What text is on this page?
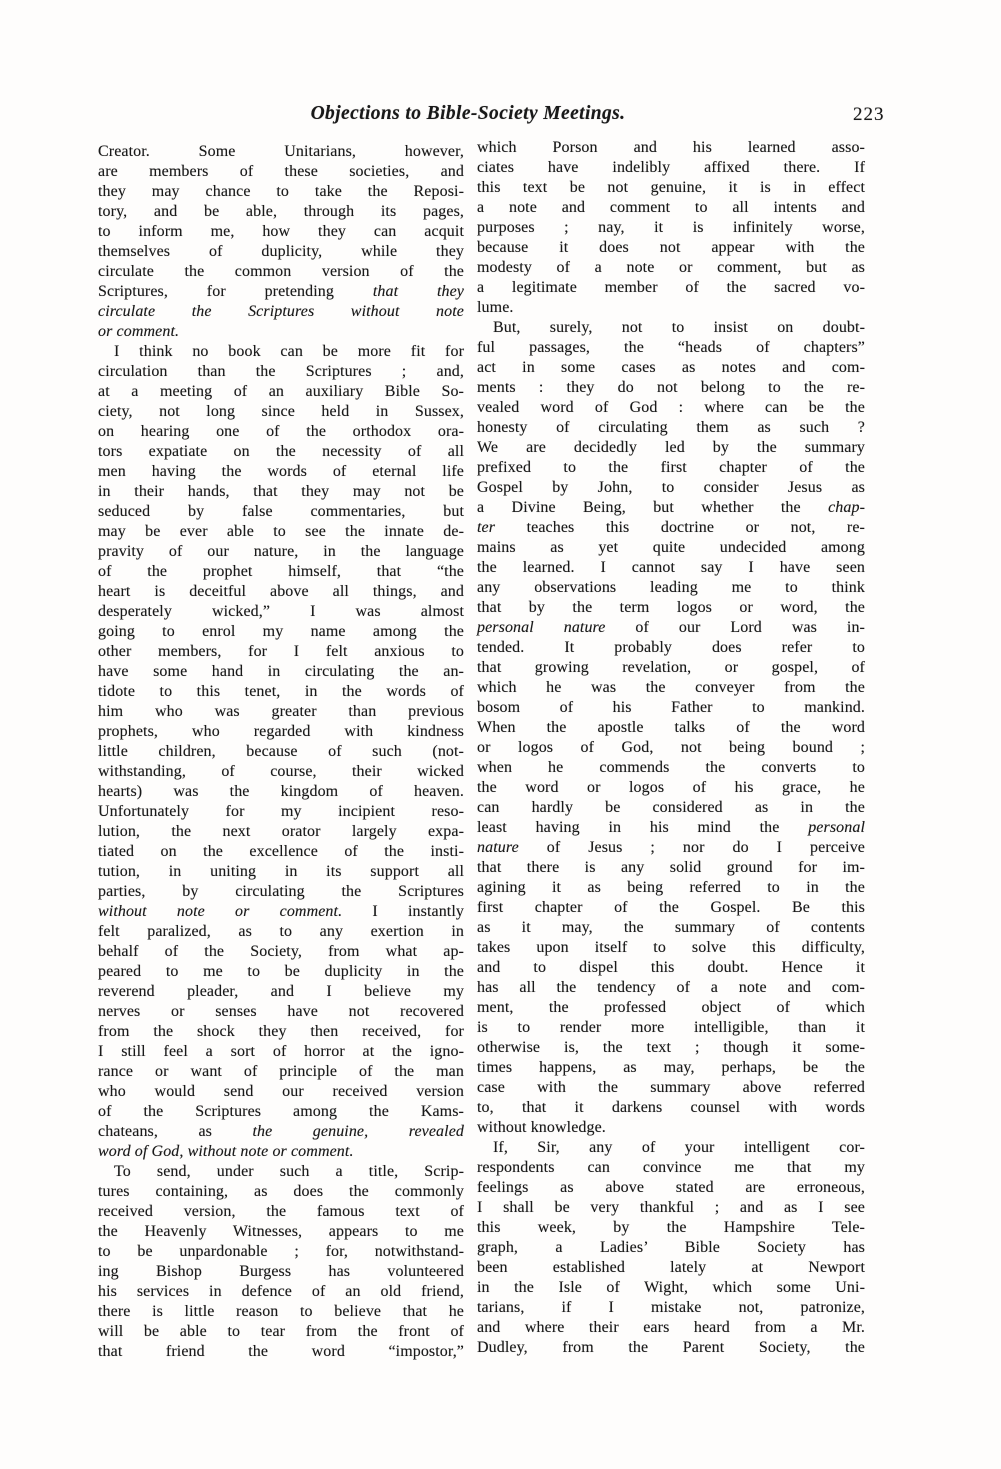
Objections to Bible-Society Meetings.	223
Creator. Some Unitarians, however,
are members of these societies, and
they may chance to take the Reposi-
tory, and be able, through its pages,
to inform me, how they can acquit
themselves of duplicity, while they
circulate the common version of the
Scriptures, for pretending that they
circulate the Scriptures without note
or comment.
I think no book can be more fit for
circulation than the Scriptures ; and,
at a meeting of an auxiliary Bible So-
ciety, not long since held in Sussex,
on hearing one of the orthodox ora-
tors expatiate on the necessity of all
men having the words of eternal life
in their hands, that they may not be
seduced by false commentaries, but
may be ever able to see the innate de-
pravity of our nature, in the language
of the prophet himself, that “the
heart is deceitful above all things, and
desperately wicked,” I was almost
going to enrol my name among the
other members, for I felt anxious to
have some hand in circulating the an-
tidote to this tenet, in the words of
him who was greater than previous
prophets, who regarded with kindness
little children, because of such (not-
withstanding, of course, their wicked
hearts) was the kingdom of heaven.
Unfortunately for my incipient reso-
lution, the next orator largely expa-
tiated on the excellence of the insti-
tution, in uniting in its support all
parties, by circulating the Scriptures
without note or comment. I instantly
felt paralized, as to any exertion in
behalf of the Society, from what ap-
peared to me to be duplicity in the
reverend pleader, and I believe my
nerves or senses have not recovered
from the shock they then received, for
I still feel a sort of horror at the igno-
rance or want of principle of the man
who would send our received version
of the Scriptures among the Kams-
chateans, as the genuine, revealed
word of God, without note or comment.
To send, under such a title, Scrip-
tures containing, as does the commonly
received version, the famous text of
the Heavenly Witnesses, appears to me
to be unpardonable ; for, notwithstand-
ing Bishop Burgess has volunteered
his services in defence of an old friend,
there is little reason to believe that he
will be able to tear from the front of
that friend the word “impostor,”
which Porson and his learned asso-
ciates have indelibly affixed there. If
this text be not genuine, it is in effect
a note and comment to all intents and
purposes ; nay, it is infinitely worse,
because it does not appear with the
modesty of a note or comment, but as
a legitimate member of the sacred vo-
lume.
But, surely, not to insist on doubt-
ful passages, the “heads of chapters”
act in some cases as notes and com-
ments : they do not belong to the re-
vealed word of God : where can be the
honesty of circulating them as such ?
We are decidedly led by the summary
prefixed to the first chapter of the
Gospel by John, to consider Jesus as
a Divine Being, but whether the chap-
ter teaches this doctrine or not, re-
mains as yet quite undecided among
the learned. I cannot say I have seen
any observations leading me to think
that by the term logos or word, the
personal nature of our Lord was in-
tended. It probably does refer to
that growing revelation, or gospel, of
which he was the conveyer from the
bosom of his Father to mankind.
When the apostle talks of the word
or logos of God, not being bound ;
when he commends the converts to
the word or logos of his grace, he
can hardly be considered as in the
least having in his mind the personal
nature of Jesus ; nor do I perceive
that there is any solid ground for im-
agining it as being referred to in the
first chapter of the Gospel. Be this
as it may, the summary of contents
takes upon itself to solve this difficulty,
and to dispel this doubt. Hence it
has all the tendency of a note and com-
ment, the professed object of which
is to render more intelligible, than it
otherwise is, the text ; though it some-
times happens, as may, perhaps, be the
case with the summary above referred
to, that it darkens counsel with words
without knowledge.
If, Sir, any of your intelligent cor-
respondents can convince me that my
feelings as above stated are erroneous,
I shall be very thankful ; and as I see
this week, by the Hampshire Tele-
graph, a Ladies’ Bible Society has
been established lately at Newport
in the Isle of Wight, which some Uni-
tarians, if I mistake not, patronize,
and where their ears heard from a Mr.
Dudley, from the Parent Society, the
